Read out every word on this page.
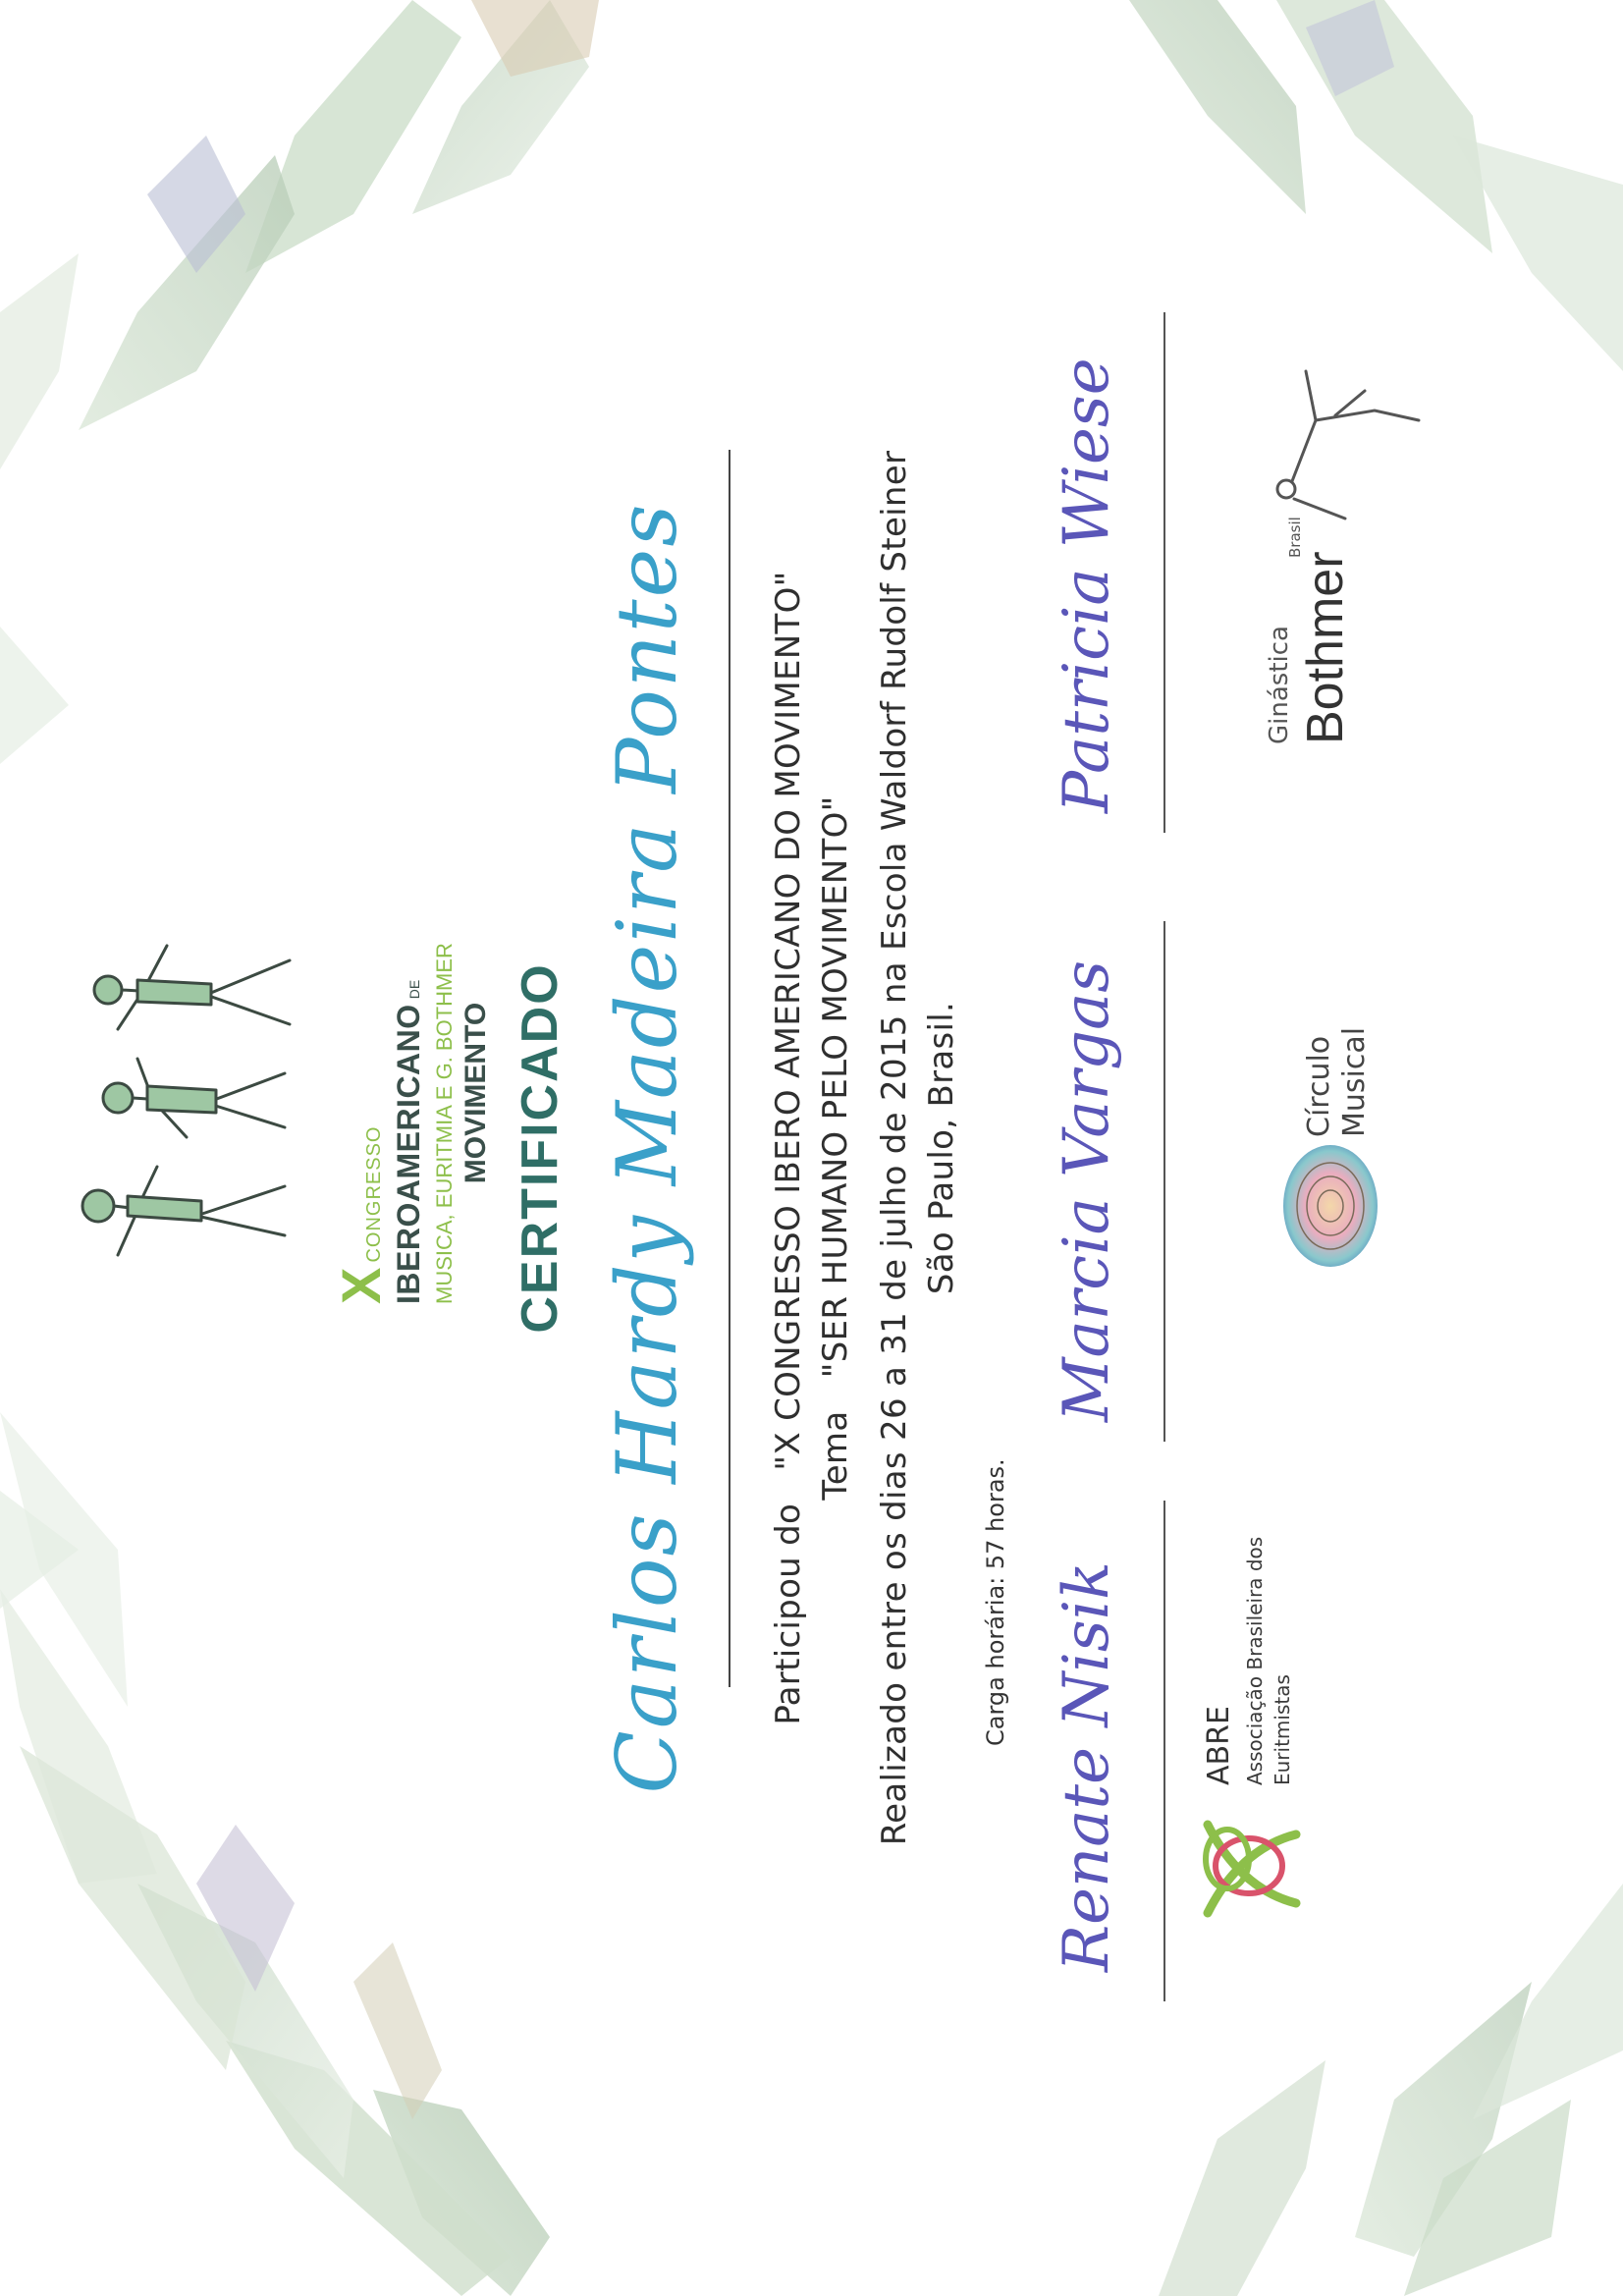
X CONGRESSO IBEROAMERICANO DE MUSICA, EURITMIA E G. BOTHMER MOVIMENTO CERTIFICADO Carlos Hardy Madeira Pontes Participou do   "X CONGRESSO IBERO AMERICANO DO MOVIMENTO" Tema   "SER HUMANO PELO MOVIMENTO" Realizado entre os dias 26 a 31 de julho de 2015 na Escola Waldorf Rudolf Steiner São Paulo, Brasil.
Carga horária: 57 horas. Renate Nisik
Marcia Vargas
Patricia Wiese
ABRE Associação Brasileira dos Euritmistas
Círculo Musical
Ginástica Bothmer
Brasil
